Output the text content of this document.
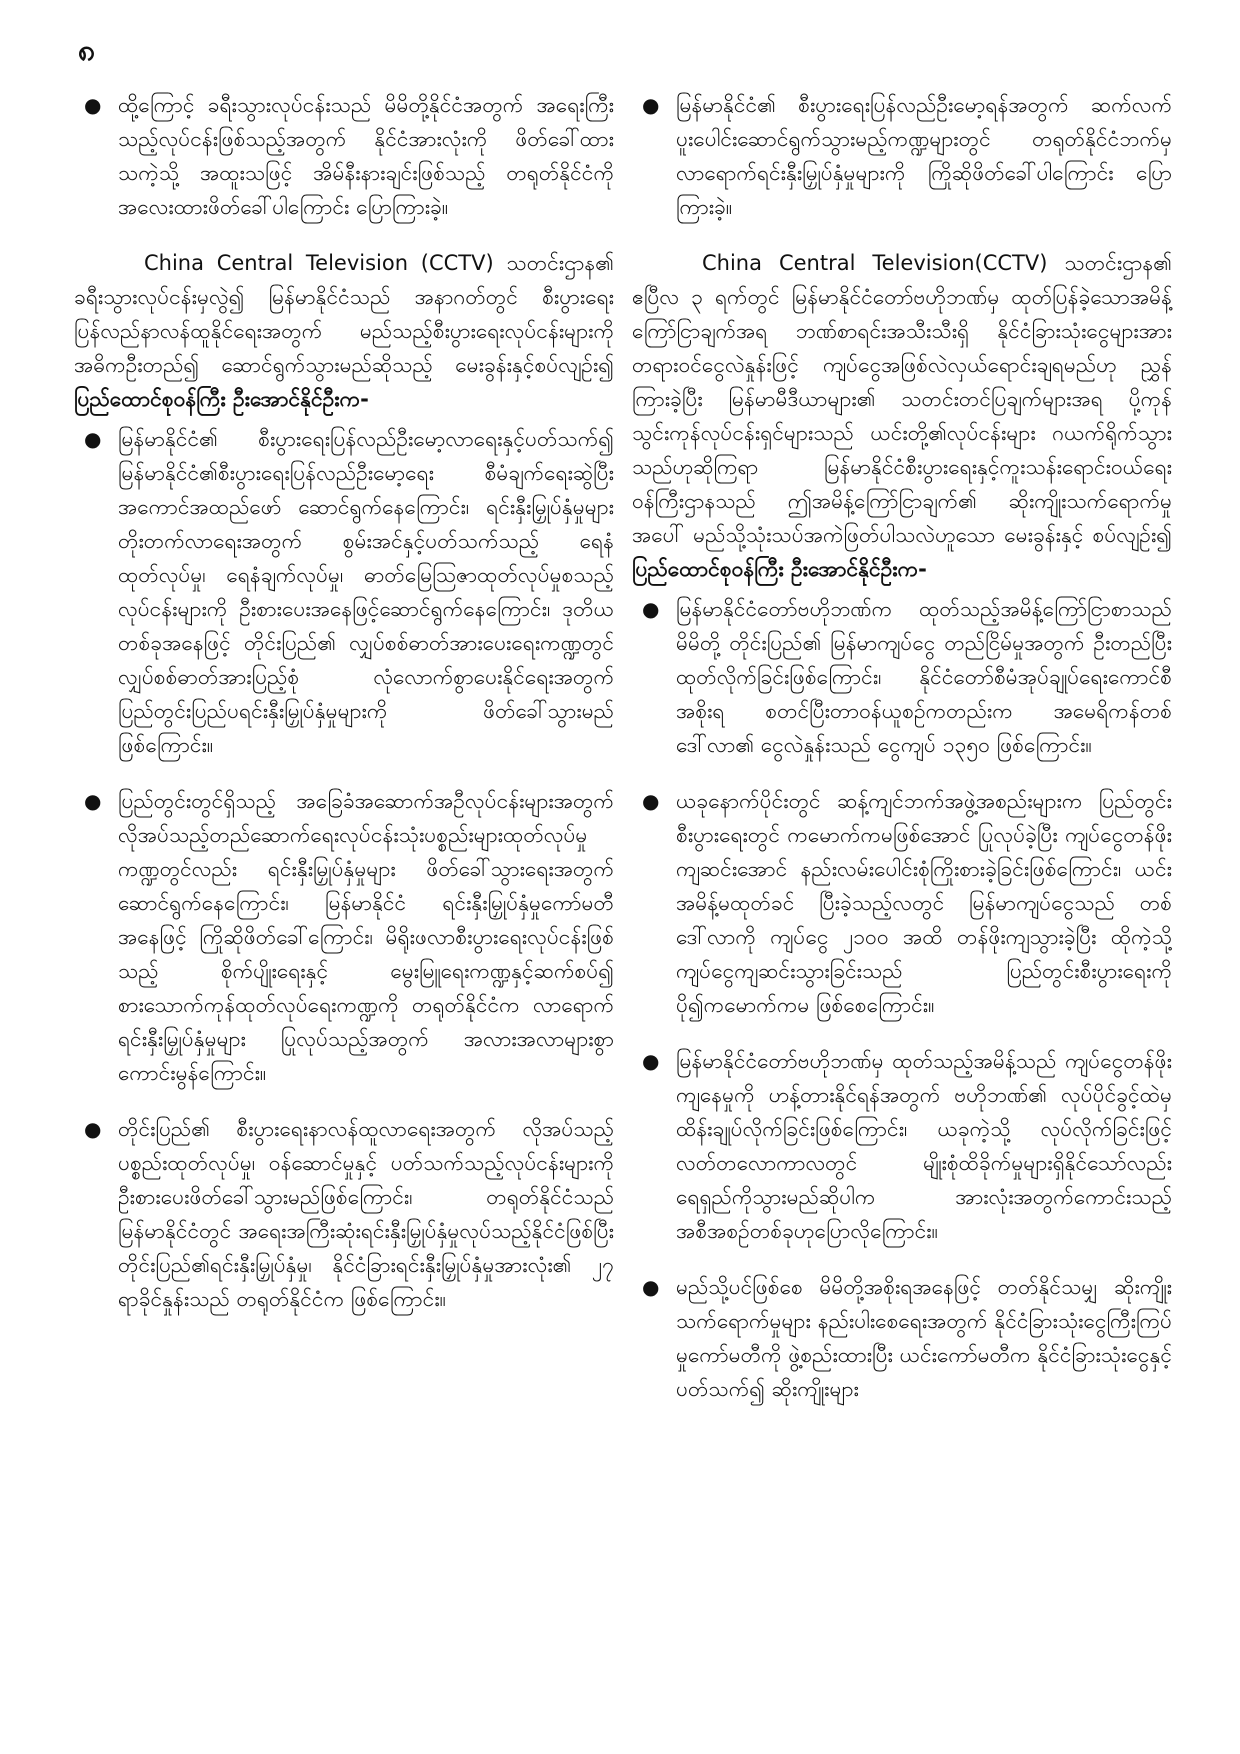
၈

● ထို့ကြောင့် ခရီးသွားလုပ်ငန်းသည် မိမိတို့နိုင်ငံအတွက် အရေးကြီးသည့်လုပ်ငန်းဖြစ်သည့်အတွက် နိုင်ငံအားလုံးကို ဖိတ်ခေါ်ထားသကဲ့သို့ အထူးသဖြင့် အိမ်နီးနားချင်းဖြစ်သည့် တရုတ်နိုင်ငံကို အလေးထားဖိတ်ခေါ်ပါကြောင်း ပြောကြားခဲ့။

China Central Television (CCTV) သတင်းဌာန၏ ခရီးသွားလုပ်ငန်းမှလွဲ၍ မြန်မာနိုင်ငံသည် အနာဂတ်တွင် စီးပွားရေးပြန်လည်နာလန်ထူနိုင်ရေးအတွက် မည်သည့်စီးပွားရေးလုပ်ငန်းများကို အဓိကဦးတည်၍ ဆောင်ရွက်သွားမည်ဆိုသည့် မေးခွန်းနှင့်စပ်လျဉ်း၍ ပြည်ထောင်စုဝန်ကြီး ဦးအောင်နိုင်ဦးက-

● မြန်မာနိုင်ငံ၏ စီးပွားရေးပြန်လည်ဦးမော့လာရေးနှင့်ပတ်သက်၍ မြန်မာနိုင်ငံ၏စီးပွားရေးပြန်လည်ဦးမော့ရေး စီမံချက်ရေးဆွဲပြီး အကောင်အထည်ဖော် ဆောင်ရွက်နေကြောင်း၊ ရင်းနှီးမြှုပ်နှံမှုများတိုးတက်လာရေးအတွက် စွမ်းအင်နှင့်ပတ်သက်သည့် ရေနံထုတ်လုပ်မှု၊ ရေနံချက်လုပ်မှု၊ ဓာတ်မြေသြဇာထုတ်လုပ်မှုစသည့်လုပ်ငန်းများကို ဦးစားပေးအနေဖြင့်ဆောင်ရွက်နေကြောင်း၊ ဒုတိယတစ်ခုအနေဖြင့် တိုင်းပြည်၏ လျှပ်စစ်ဓာတ်အားပေးရေးကဏ္ဍတွင် လျှပ်စစ်ဓာတ်အားပြည့်စုံ လုံလောက်စွာပေးနိုင်ရေးအတွက် ပြည်တွင်းပြည်ပရင်းနှီးမြှုပ်နှံမှုများကို ဖိတ်ခေါ်သွားမည်ဖြစ်ကြောင်း။

● ပြည်တွင်းတွင်ရှိသည့် အခြေခံအဆောက်အဦလုပ်ငန်းများအတွက် လိုအပ်သည့်တည်ဆောက်ရေးလုပ်ငန်းသုံးပစ္စည်းများထုတ်လုပ်မှုကဏ္ဍတွင်လည်း ရင်းနှီးမြှုပ်နှံမှုများ ဖိတ်ခေါ်သွားရေးအတွက် ဆောင်ရွက်နေကြောင်း၊ မြန်မာနိုင်ငံ ရင်းနှီးမြှုပ်နှံမှုကော်မတီအနေဖြင့် ကြိုဆိုဖိတ်ခေါ်ကြောင်း၊ မိရိုးဖလာစီးပွားရေးလုပ်ငန်းဖြစ်သည့် စိုက်ပျိုးရေးနှင့် မွေးမြူရေးကဏ္ဍနှင့်ဆက်စပ်၍ စားသောက်ကုန်ထုတ်လုပ်ရေးကဏ္ဍကို တရုတ်နိုင်ငံက လာရောက်ရင်းနှီးမြှုပ်နှံမှုများ ပြုလုပ်သည့်အတွက် အလားအလာများစွာ ကောင်းမွန်ကြောင်း။

● တိုင်းပြည်၏ စီးပွားရေးနာလန်ထူလာရေးအတွက် လိုအပ်သည့်ပစ္စည်းထုတ်လုပ်မှု၊ ဝန်ဆောင်မှုနှင့် ပတ်သက်သည့်လုပ်ငန်းများကို ဦးစားပေးဖိတ်ခေါ်သွားမည်ဖြစ်ကြောင်း၊ တရုတ်နိုင်ငံသည် မြန်မာနိုင်ငံတွင် အရေးအကြီးဆုံးရင်းနှီးမြှုပ်နှံမှုလုပ်သည့်နိုင်ငံဖြစ်ပြီး တိုင်းပြည်၏ရင်းနှီးမြှုပ်နှံမှု၊ နိုင်ငံခြားရင်းနှီးမြှုပ်နှံမှုအားလုံး၏ ၂၇ ရာခိုင်နှုန်းသည် တရုတ်နိုင်ငံက ဖြစ်ကြောင်း။

● မြန်မာနိုင်ငံ၏ စီးပွားရေးပြန်လည်ဦးမော့ရန်အတွက် ဆက်လက်ပူးပေါင်းဆောင်ရွက်သွားမည့်ကဏ္ဍများတွင် တရုတ်နိုင်ငံဘက်မှ လာရောက်ရင်းနှီးမြှုပ်နှံမှုများကို ကြိုဆိုဖိတ်ခေါ်ပါကြောင်း ပြောကြားခဲ့။

China Central Television(CCTV) သတင်းဌာန၏ ဧပြီလ ၃ ရက်တွင် မြန်မာနိုင်ငံတော်ဗဟိုဘဏ်မှ ထုတ်ပြန်ခဲ့သောအမိန့်ကြော်ငြာချက်အရ ဘဏ်စာရင်းအသီးသီးရှိ နိုင်ငံခြားသုံးငွေများအား တရားဝင်ငွေလဲနှုန်းဖြင့် ကျပ်ငွေအဖြစ်လဲလှယ်ရောင်းချရမည်ဟု ညွှန်ကြားခဲ့ပြီး မြန်မာမီဒီယာများ၏ သတင်းတင်ပြချက်များအရ ပို့ကုန်သွင်းကုန်လုပ်ငန်းရှင်များသည် ယင်းတို့၏လုပ်ငန်းများ ဂယက်ရိုက်သွားသည်ဟုဆိုကြရာ မြန်မာနိုင်ငံစီးပွားရေးနှင့်ကူးသန်းရောင်းဝယ်ရေးဝန်ကြီးဌာနသည် ဤအမိန့်ကြော်ငြာချက်၏ ဆိုးကျိုးသက်ရောက်မှုအပေါ် မည်သို့သုံးသပ်အကဲဖြတ်ပါသလဲဟူသော မေးခွန်းနှင့် စပ်လျဉ်း၍ ပြည်ထောင်စုဝန်ကြီး ဦးအောင်နိုင်ဦးက-

● မြန်မာနိုင်ငံတော်ဗဟိုဘဏ်က ထုတ်သည့်အမိန့်ကြော်ငြာစာသည် မိမိတို့ တိုင်းပြည်၏ မြန်မာကျပ်ငွေ တည်ငြိမ်မှုအတွက် ဦးတည်ပြီးထုတ်လိုက်ခြင်းဖြစ်ကြောင်း၊ နိုင်ငံတော်စီမံအုပ်ချုပ်ရေးကောင်စီအစိုးရ စတင်ပြီးတာဝန်ယူစဉ်ကတည်းက အမေရိကန်တစ်ဒေါ်လာ၏ ငွေလဲနှုန်းသည် ငွေကျပ် ၁၃၅၀ ဖြစ်ကြောင်း။

● ယခုနောက်ပိုင်းတွင် ဆန့်ကျင်ဘက်အဖွဲ့အစည်းများက ပြည်တွင်းစီးပွားရေးတွင် ကမောက်ကမဖြစ်အောင် ပြုလုပ်ခဲ့ပြီး ကျပ်ငွေတန်ဖိုးကျဆင်းအောင် နည်းလမ်းပေါင်းစုံကြိုးစားခဲ့ခြင်းဖြစ်ကြောင်း၊ ယင်းအမိန့်မထုတ်ခင် ပြီးခဲ့သည့်လတွင် မြန်မာကျပ်ငွေသည် တစ်ဒေါ်လာကို ကျပ်ငွေ ၂၁၀၀ အထိ တန်ဖိုးကျသွားခဲ့ပြီး ထိုကဲ့သို့ ကျပ်ငွေကျဆင်းသွားခြင်းသည် ပြည်တွင်းစီးပွားရေးကို ပို၍ကမောက်ကမ ဖြစ်စေကြောင်း။

● မြန်မာနိုင်ငံတော်ဗဟိုဘဏ်မှ ထုတ်သည့်အမိန့်သည် ကျပ်ငွေတန်ဖိုးကျနေမှုကို ဟန့်တားနိုင်ရန်အတွက် ဗဟိုဘဏ်၏ လုပ်ပိုင်ခွင့်ထဲမှ ထိန်းချုပ်လိုက်ခြင်းဖြစ်ကြောင်း၊ ယခုကဲ့သို့ လုပ်လိုက်ခြင်းဖြင့် လတ်တလောကာလတွင် မျိုးစုံထိခိုက်မှုများရှိနိုင်သော်လည်း ရေရှည်ကိုသွားမည်ဆိုပါက အားလုံးအတွက်ကောင်းသည့် အစီအစဉ်တစ်ခုဟုပြောလိုကြောင်း။

● မည်သို့ပင်ဖြစ်စေ မိမိတို့အစိုးရအနေဖြင့် တတ်နိုင်သမျှ ဆိုးကျိုးသက်ရောက်မှုများ နည်းပါးစေရေးအတွက် နိုင်ငံခြားသုံးငွေကြီးကြပ်မှုကော်မတီကို ဖွဲ့စည်းထားပြီး ယင်းကော်မတီက နိုင်ငံခြားသုံးငွေနှင့်ပတ်သက်၍ ဆိုးကျိုးများ
